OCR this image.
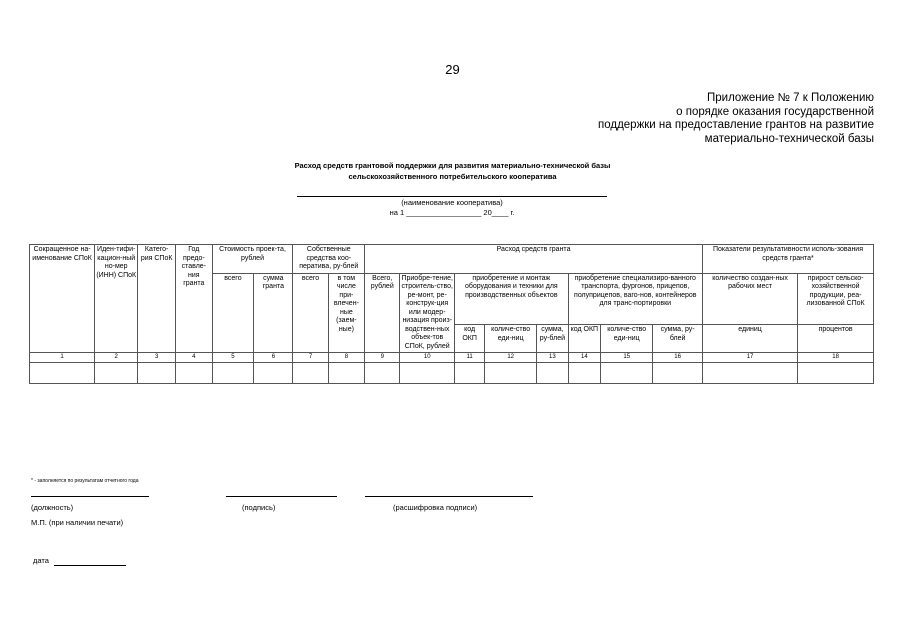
29
Приложение № 7 к Положению
о порядке оказания государственной
поддержки на предоставление грантов на развитие
материально-технической базы
Расход средств грантовой поддержки для развития материально-технической базы
сельскохозяйственного потребительского кооператива
(наименование кооператива)
на 1 __________________ 20____ г.
Сокращенное на-именование СПоК	Иден-тифи-кацион-ный но-мер (ИНН) СПоК	Катего-рия СПоК	Год предо-ставле-ния гранта	Стоимость проек-та, рублей		Собственные средства коо-ператива, ру-блей		Расход средств гранта								Показатели результативности исполь-зования средств гранта*	
				всего	сумма гранта	всего	в том числе при-влечен-ные (заем-ные)	Всего, рублей	Приобре-тение, строитель-ство, ре-монт, ре-конструк-ция или модер-низация произ-водствен-ных объек-тов СПоК, рублей	приобретение и монтаж оборудования и техники для производственных объектов			приобретение специализиро-ванного транспорта, фургонов, прицепов, полуприцепов, ваго-нов, контейнеров для транс-портировки			количество создан-ных рабочих мест	прирост сельско-хозяйственной продукции, реа-лизованной СПоК
										код ОКП	количе-ство еди-ниц	сумма, ру-блей	код ОКП	количе-ство еди-ниц	сумма, ру-блей	единиц	процентов
1	2	3	4	5	6	7	8	9	10	11	12	13	14	15	16	17	18

* - заполняется по результатам отчетного года
(должность)	(подпись)	(расшифровка подписи)
М.П. (при наличии печати)
дата
